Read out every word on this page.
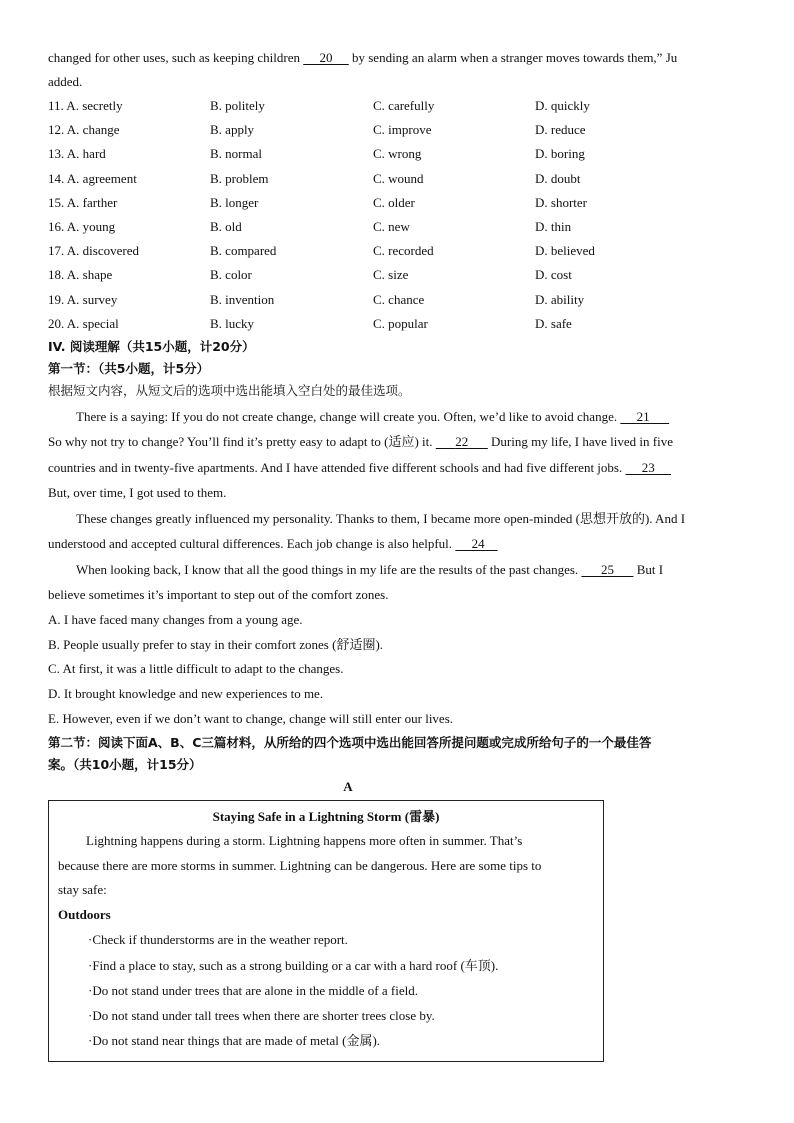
changed for other uses, such as keeping children      20      by sending an alarm when a stranger moves towards them,” Ju
added.
11. A. secretly	B. politely	C. carefully	D. quickly
12. A. change	B. apply	C. improve	D. reduce
13. A. hard	B. normal	C. wrong	D. boring
14. A. agreement	B. problem	C. wound	D. doubt
15. A. farther	B. longer	C. older	D. shorter
16. A. young	B. old	C. new	D. thin
17. A. discovered	B. compared	C. recorded	D. believed
18. A. shape	B. color	C. size	D. cost
19. A. survey	B. invention	C. chance	D. ability
20. A. special	B. lucky	C. popular	D. safe
IV. 阅读理解（共15小题，计20分）
第一节：（共5小题，计5分）
根据短文内容，从短文后的选项中选出能填入空白处的最佳选项。
There is a saying: If you do not create change, change will create you. Often, we’d like to avoid change.      21
So why not try to change? You’ll find it’s pretty easy to adapt to (适应) it.       22       During my life, I have lived in five
countries and in twenty-five apartments. And I have attended five different schools and had five different jobs.      23
But, over time, I got used to them.
These changes greatly influenced my personality. Thanks to them, I became more open-minded (思想开放的). And I
understood and accepted cultural differences. Each job change is also helpful.      24
When looking back, I know that all the good things in my life are the results of the past changes.       25       But I
believe sometimes it’s important to step out of the comfort zones.
A. I have faced many changes from a young age.
B. People usually prefer to stay in their comfort zones (舒适圈).
C. At first, it was a little difficult to adapt to the changes.
D. It brought knowledge and new experiences to me.
E. However, even if we don’t want to change, change will still enter our lives.
第二节：阅读下面A、B、C三篇材料，从所给的四个选项中选出能回答所提问题或完成所给句子的一个最佳答
案。（共10小题，计15分）
A
Staying Safe in a Lightning Storm (雷暴)
Lightning happens during a storm. Lightning happens more often in summer. That’s
because there are more storms in summer. Lightning can be dangerous. Here are some tips to
stay safe:
Outdoors
·Check if thunderstorms are in the weather report.
·Find a place to stay, such as a strong building or a car with a hard roof (车顶).
·Do not stand under trees that are alone in the middle of a field.
·Do not stand under tall trees when there are shorter trees close by.
·Do not stand near things that are made of metal (金属).
